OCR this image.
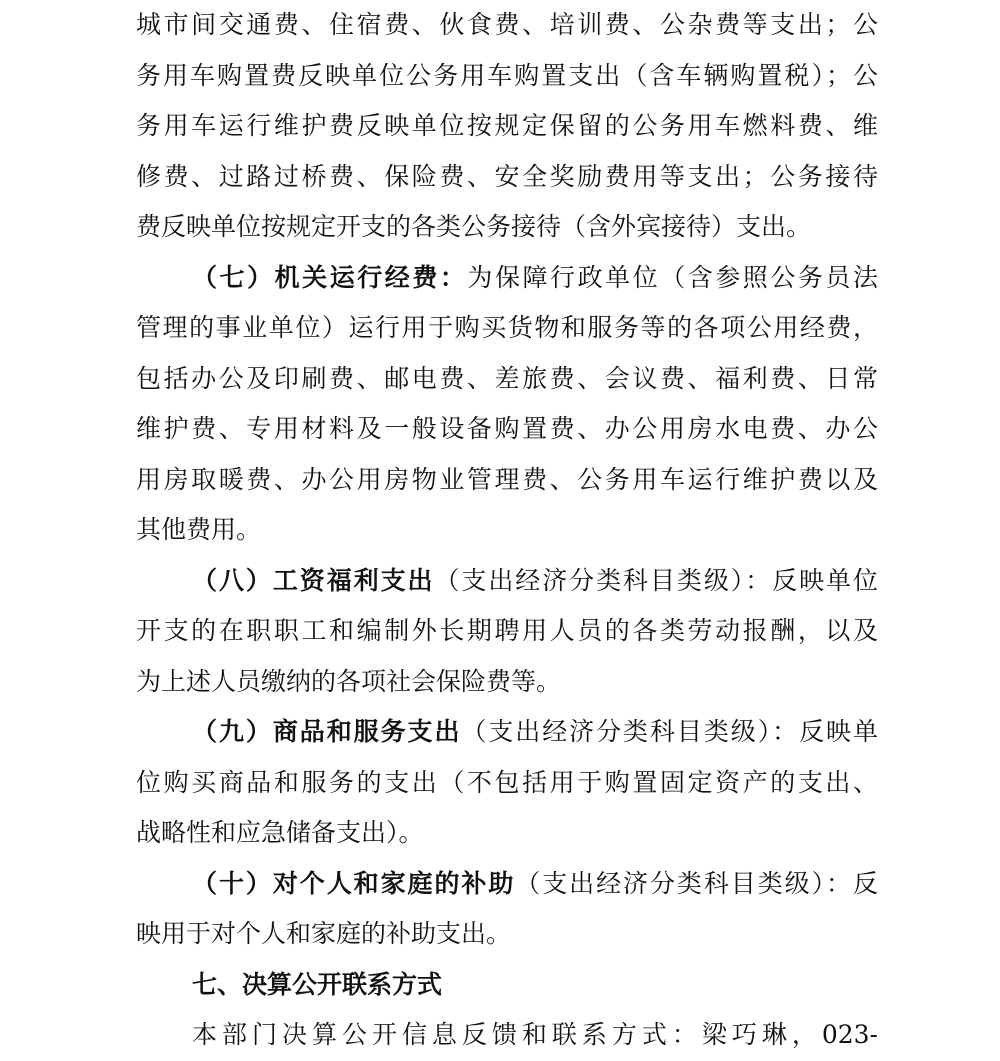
城市间交通费、住宿费、伙食费、培训费、公杂费等支出；公
务用车购置费反映单位公务用车购置支出（含车辆购置税）；公
务用车运行维护费反映单位按规定保留的公务用车燃料费、维
修费、过路过桥费、保险费、安全奖励费用等支出；公务接待
费反映单位按规定开支的各类公务接待（含外宾接待）支出。
（七）机关运行经费：为保障行政单位（含参照公务员法
管理的事业单位）运行用于购买货物和服务等的各项公用经费，
包括办公及印刷费、邮电费、差旅费、会议费、福利费、日常
维护费、专用材料及一般设备购置费、办公用房水电费、办公
用房取暖费、办公用房物业管理费、公务用车运行维护费以及
其他费用。
（八）工资福利支出（支出经济分类科目类级）：反映单位
开支的在职职工和编制外长期聘用人员的各类劳动报酬，以及
为上述人员缴纳的各项社会保险费等。
（九）商品和服务支出（支出经济分类科目类级）：反映单
位购买商品和服务的支出（不包括用于购置固定资产的支出、
战略性和应急储备支出）。
（十）对个人和家庭的补助（支出经济分类科目类级）：反
映用于对个人和家庭的补助支出。
七、决算公开联系方式
本部门决算公开信息反馈和联系方式：梁巧琳，023-
